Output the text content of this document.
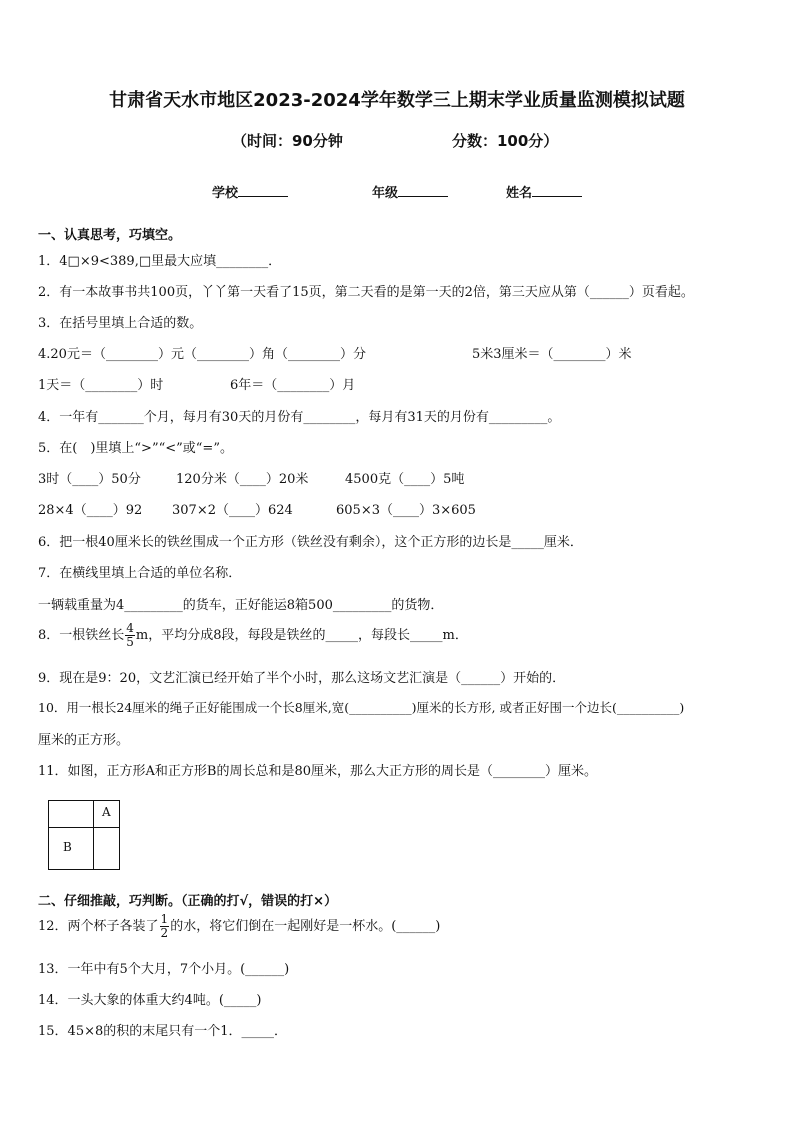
甘肃省天水市地区2023-2024学年数学三上期末学业质量监测模拟试题
（时间：90分钟	分数：100分）
学校	年级	姓名
一、认真思考，巧填空。
1．4□×9<389,□里最大应填________．
2．有一本故事书共100页，丫丫第一天看了15页，第二天看的是第一天的2倍，第三天应从第（______）页看起。
3．在括号里填上合适的数。
4.20元＝（________）元（________）角（________）分	5米3厘米＝（________）米
1天＝（________）时	6年＝（________）月
4．一年有_______个月，每月有30天的月份有________，每月有31天的月份有_________。
5．在(　)里填上“>”“<”或“=”。
3时（____）50分	120分米（____）20米	4500克（____）5吨
28×4（____）92 307×2（____）624	605×3（____）3×605
6．把一根40厘米长的铁丝围成一个正方形（铁丝没有剩余），这个正方形的边长是_____厘米．
7．在横线里填上合适的单位名称．
一辆载重量为4_________的货车，正好能运8箱500_________的货物．
8．一根铁丝长 $\frac{4}{5}$ m，平均分成8段，每段是铁丝的_____，每段长_____m．
9．现在是9：20，文艺汇演已经开始了半个小时，那么这场文艺汇演是（______）开始的．
10．用一根长24厘米的绳子正好能围成一个长8厘米,宽(__________)厘米的长方形, 或者正好围一个边长(__________)
厘米的正方形。
11．如图，正方形A和正方形B的周长总和是80厘米，那么大正方形的周长是（________）厘米。
A
B
二、仔细推敲，巧判断。（正确的打√，错误的打×）
12．两个杯子各装了 $\frac{1}{2}$ 的水，将它们倒在一起刚好是一杯水。(______)
13．一年中有5个大月，7个小月。(______)
14．一头大象的体重大约4吨。(_____)
15．45×8的积的末尾只有一个1．_____．
